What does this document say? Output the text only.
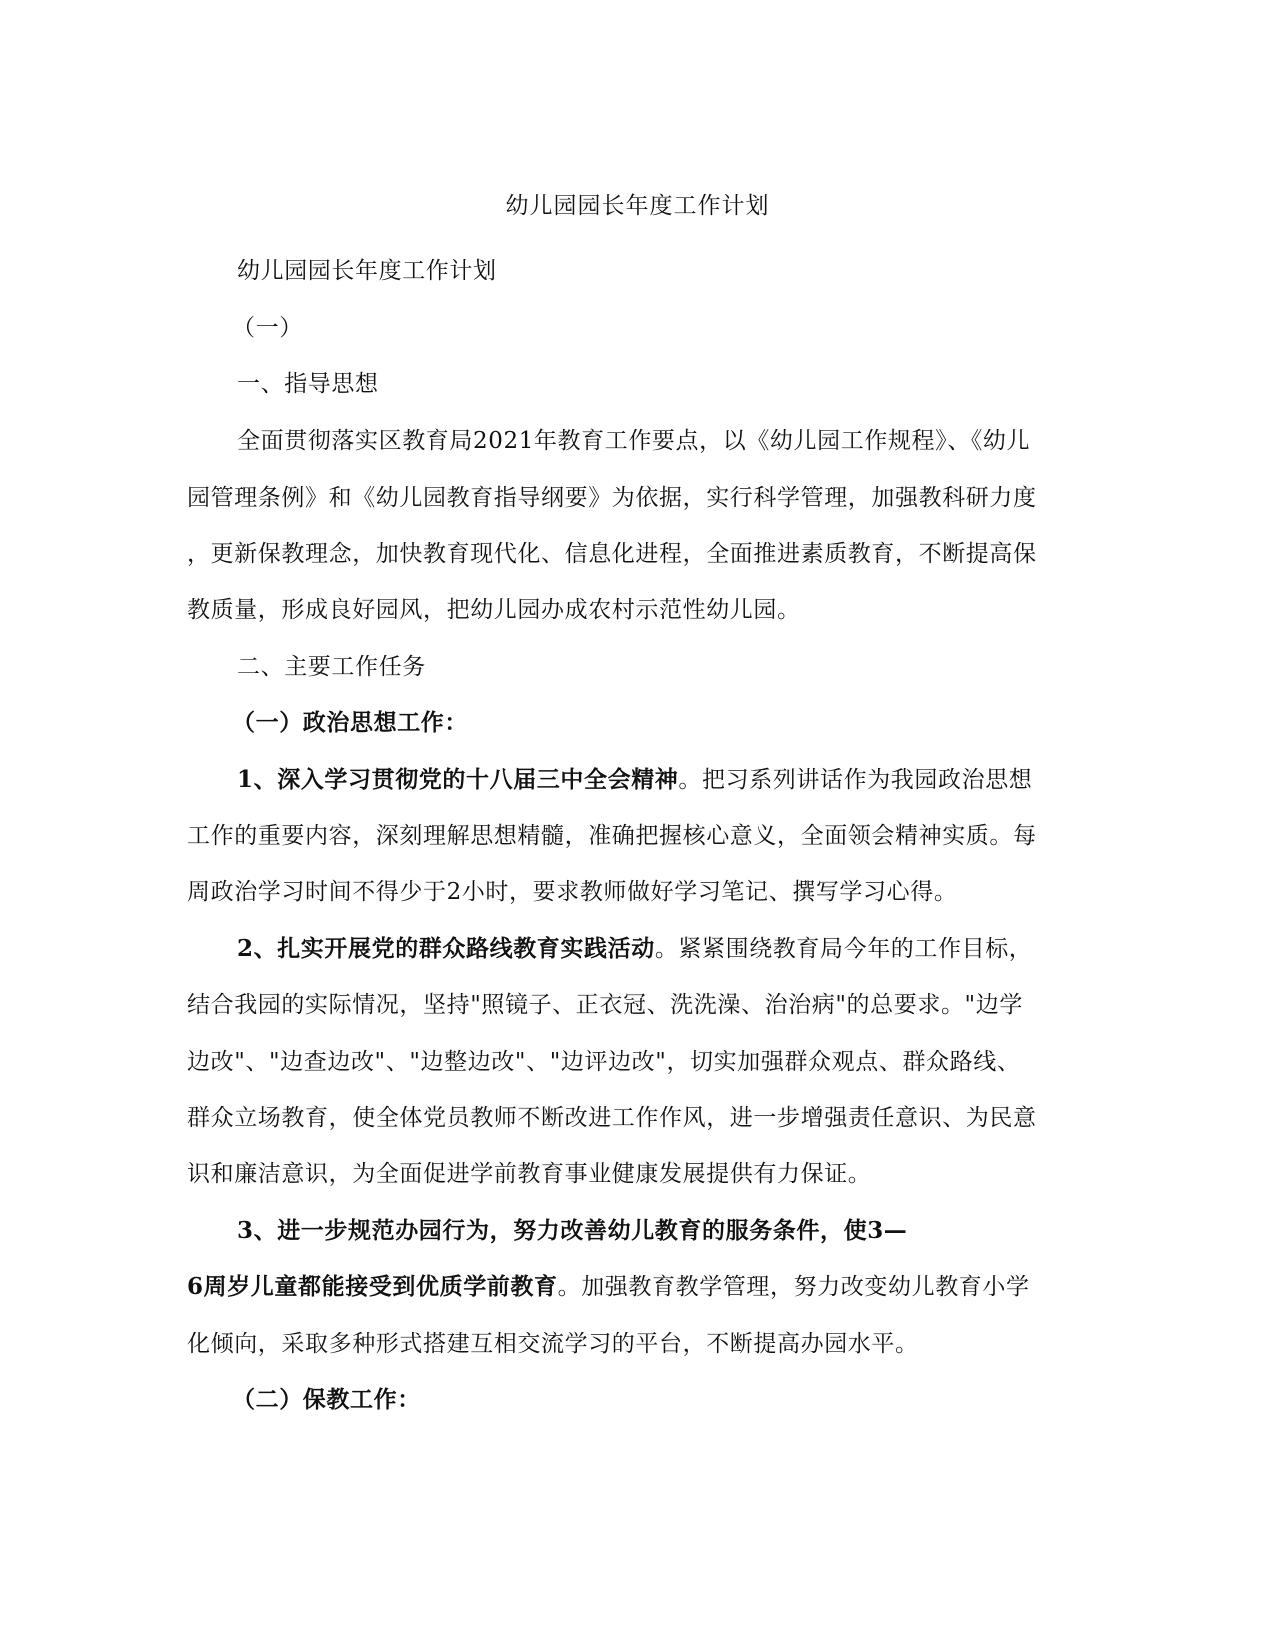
幼儿园园长年度工作计划
幼儿园园长年度工作计划
（一）
一、指导思想
全面贯彻落实区教育局2021年教育工作要点，以《幼儿园工作规程》、《幼儿
园管理条例》和《幼儿园教育指导纲要》为依据，实行科学管理，加强教科研力度
，更新保教理念，加快教育现代化、信息化进程，全面推进素质教育，不断提高保
教质量，形成良好园风，把幼儿园办成农村示范性幼儿园。
二、主要工作任务
（一）政治思想工作：
1、深入学习贯彻党的十八届三中全会精神。把习系列讲话作为我园政治思想
工作的重要内容，深刻理解思想精髓，准确把握核心意义，全面领会精神实质。每
周政治学习时间不得少于2小时，要求教师做好学习笔记、撰写学习心得。
2、扎实开展党的群众路线教育实践活动。紧紧围绕教育局今年的工作目标，
结合我园的实际情况，坚持"照镜子、正衣冠、洗洗澡、治治病"的总要求。"边学
边改"、"边查边改"、"边整边改"、"边评边改"，切实加强群众观点、群众路线、
群众立场教育，使全体党员教师不断改进工作作风，进一步增强责任意识、为民意
识和廉洁意识，为全面促进学前教育事业健康发展提供有力保证。
3、进一步规范办园行为，努力改善幼儿教育的服务条件，使3—
6周岁儿童都能接受到优质学前教育。加强教育教学管理，努力改变幼儿教育小学
化倾向，采取多种形式搭建互相交流学习的平台，不断提高办园水平。
（二）保教工作：
